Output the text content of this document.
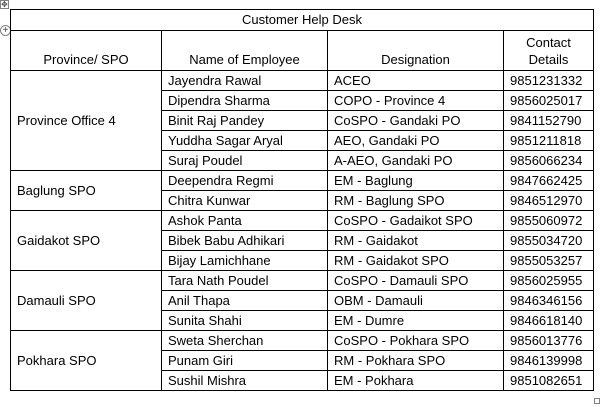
✥
+
Customer Help Desk			
Province/ SPO	Name of Employee	Designation	Contact Details
Province Office 4	Jayendra Rawal	ACEO	9851231332
	Dipendra Sharma	COPO - Province 4	9856025017
	Binit Raj Pandey	CoSPO - Gandaki PO	9841152790
	Yuddha Sagar Aryal	AEO, Gandaki PO	9851211818
	Suraj Poudel	A-AEO, Gandaki PO	9856066234
Baglung SPO	Deependra Regmi	EM - Baglung	9847662425
	Chitra Kunwar	RM - Baglung SPO	9846512970
Gaidakot SPO	Ashok Panta	CoSPO - Gadaikot SPO	9855060972
	Bibek Babu Adhikari	RM - Gaidakot	9855034720
	Bijay Lamichhane	RM - Gaidakot SPO	9855053257
Damauli SPO	Tara Nath Poudel	CoSPO - Damauli SPO	9856025955
	Anil Thapa	OBM - Damauli	9846346156
	Sunita Shahi	EM - Dumre	9846618140
Pokhara SPO	Sweta Sherchan	CoSPO - Pokhara SPO	9856013776
	Punam Giri	RM - Pokhara SPO	9846139998
	Sushil Mishra	EM - Pokhara	9851082651
